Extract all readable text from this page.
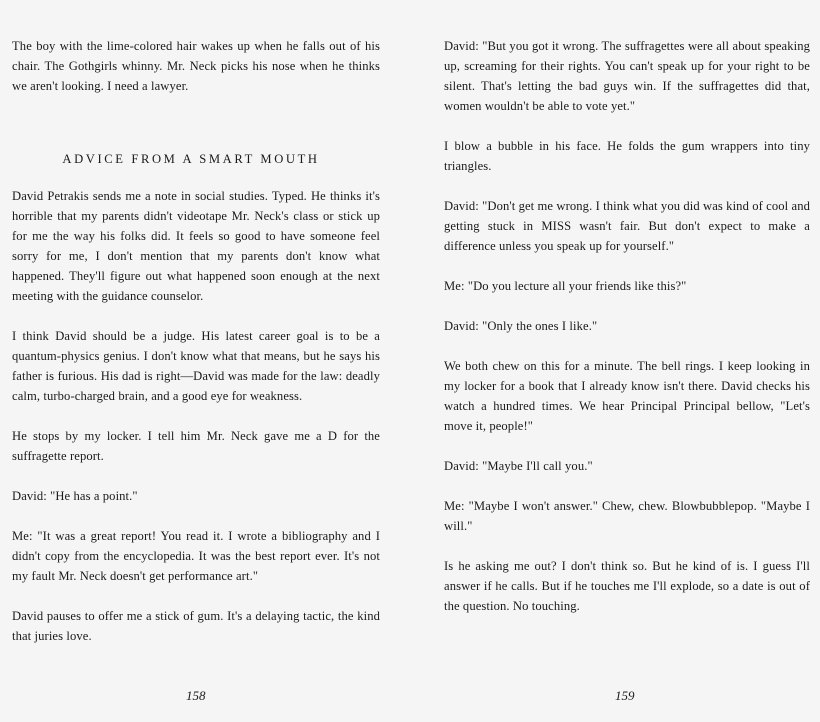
The boy with the lime-colored hair wakes up when he falls out of his chair. The Gothgirls whinny. Mr. Neck picks his nose when he thinks we aren't looking. I need a lawyer.

ADVICE FROM A SMART MOUTH

David Petrakis sends me a note in social studies. Typed. He thinks it's horrible that my parents didn't videotape Mr. Neck's class or stick up for me the way his folks did. It feels so good to have someone feel sorry for me, I don't mention that my parents don't know what happened. They'll figure out what happened soon enough at the next meeting with the guidance counselor.

I think David should be a judge. His latest career goal is to be a quantum-physics genius. I don't know what that means, but he says his father is furious. His dad is right—David was made for the law: deadly calm, turbo-charged brain, and a good eye for weakness.

He stops by my locker. I tell him Mr. Neck gave me a D for the suffragette report.

David: "He has a point."

Me: "It was a great report! You read it. I wrote a bibliography and I didn't copy from the encyclopedia. It was the best report ever. It's not my fault Mr. Neck doesn't get performance art."

David pauses to offer me a stick of gum. It's a delaying tactic, the kind that juries love.

158

David: "But you got it wrong. The suffragettes were all about speaking up, screaming for their rights. You can't speak up for your right to be silent. That's letting the bad guys win. If the suffragettes did that, women wouldn't be able to vote yet."

I blow a bubble in his face. He folds the gum wrappers into tiny triangles.

David: "Don't get me wrong. I think what you did was kind of cool and getting stuck in MISS wasn't fair. But don't expect to make a difference unless you speak up for yourself."

Me: "Do you lecture all your friends like this?"

David: "Only the ones I like."

We both chew on this for a minute. The bell rings. I keep looking in my locker for a book that I already know isn't there. David checks his watch a hundred times. We hear Principal Principal bellow, "Let's move it, people!"

David: "Maybe I'll call you."

Me: "Maybe I won't answer." Chew, chew. Blowbubblepop. "Maybe I will."

Is he asking me out? I don't think so. But he kind of is. I guess I'll answer if he calls. But if he touches me I'll explode, so a date is out of the question. No touching.

159
